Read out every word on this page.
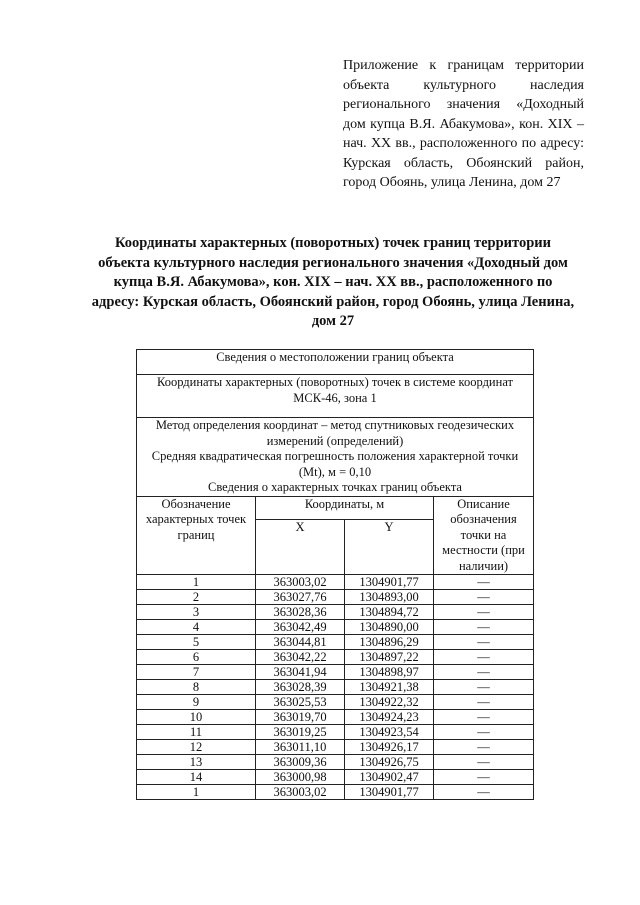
Приложение к границам территории объекта культурного наследия регионального значения «Доходный дом купца В.Я. Абакумова», кон. XIX – нач. XX вв., расположенного по адресу: Курская область, Обоянский район, город Обоянь, улица Ленина, дом 27
Координаты характерных (поворотных) точек границ территории объекта культурного наследия регионального значения «Доходный дом купца В.Я. Абакумова», кон. XIX – нач. XX вв., расположенного по адресу: Курская область, Обоянский район, город Обоянь, улица Ленина, дом 27
Сведения о местоположении границ объекта			
Координаты характерных (поворотных) точек в системе координат МСК-46, зона 1			

Метод определения координат – метод спутниковых геодезических измерений (определений)
Средняя квадратическая погрешность положения характерной точки (Mt), м = 0,10
Сведения о характерных точках границ объекта			

Обозначение характерных точек границ	Координаты, м		Описание обозначения точки на местности (при наличии)
	X	Y	
1	363003,02	1304901,77	—
2	363027,76	1304893,00	—
3	363028,36	1304894,72	—
4	363042,49	1304890,00	—
5	363044,81	1304896,29	—
6	363042,22	1304897,22	—
7	363041,94	1304898,97	—
8	363028,39	1304921,38	—
9	363025,53	1304922,32	—
10	363019,70	1304924,23	—
11	363019,25	1304923,54	—
12	363011,10	1304926,17	—
13	363009,36	1304926,75	—
14	363000,98	1304902,47	—
1	363003,02	1304901,77	—
